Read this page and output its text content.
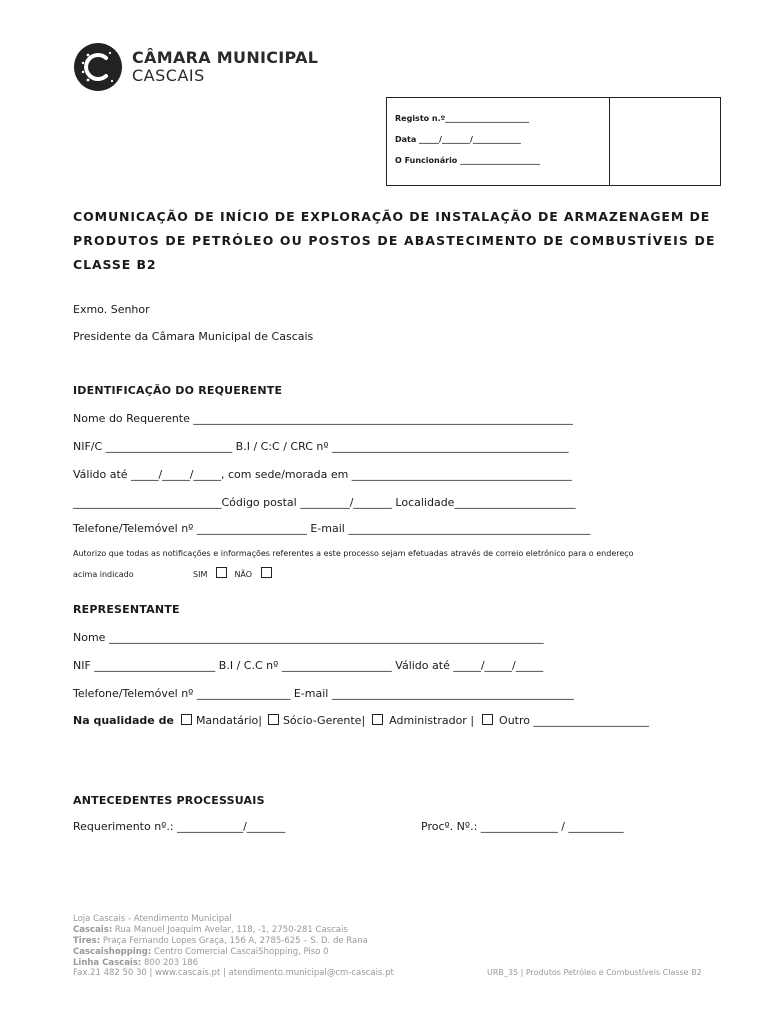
CÂMARA MUNICIPAL
CASCAIS
Registo n.º_____________________
Data _____/_______/____________
O Funcionário ____________________
COMUNICAÇÃO DE INÍCIO DE EXPLORAÇÃO DE INSTALAÇÃO DE ARMAZENAGEM DE
PRODUTOS DE PETRÓLEO OU POSTOS DE ABASTECIMENTO DE COMBUSTÍVEIS DE
CLASSE B2
Exmo. Senhor
Presidente da Câmara Municipal de Cascais
IDENTIFICAÇÃO DO REQUERENTE
Nome do Requerente _____________________________________________________________________
NIF/C _______________________ B.I / C:C / CRC nº ___________________________________________
Válido até _____/_____/_____, com sede/morada em ________________________________________
___________________________Código postal _________/_______ Localidade______________________
Telefone/Telemóvel nº ____________________ E-mail ____________________________________________
Autorizo que todas as notificações e informações referentes a este processo sejam efetuadas através de correio eletrónico para o endereço
acima indicado	SIM	NÃO
REPRESENTANTE
Nome _______________________________________________________________________________
NIF ______________________ B.I / C.C nº ____________________ Válido até _____/_____/_____
Telefone/Telemóvel nº _________________ E-mail ____________________________________________
Na qualidade de Mandatário| Sócio-Gerente| Administrador | Outro _____________________
ANTECEDENTES PROCESSUAIS
Requerimento nº.: ____________/_______	Procº. Nº.: ______________ / __________
Loja Cascais - Atendimento Municipal
Cascais: Rua Manuel Joaquim Avelar, 118, -1, 2750-281 Cascais
Tires: Praça Fernando Lopes Graça, 156 A, 2785-625 – S. D. de Rana
Cascaishopping: Centro Comercial CascaiShopping, Piso 0
Linha Cascais: 800 203 186
Fax.21 482 50 30 | www.cascais.pt | atendimento.municipal@cm-cascais.pt	URB_35 | Produtos Petróleo e Combustíveis Classe B2
